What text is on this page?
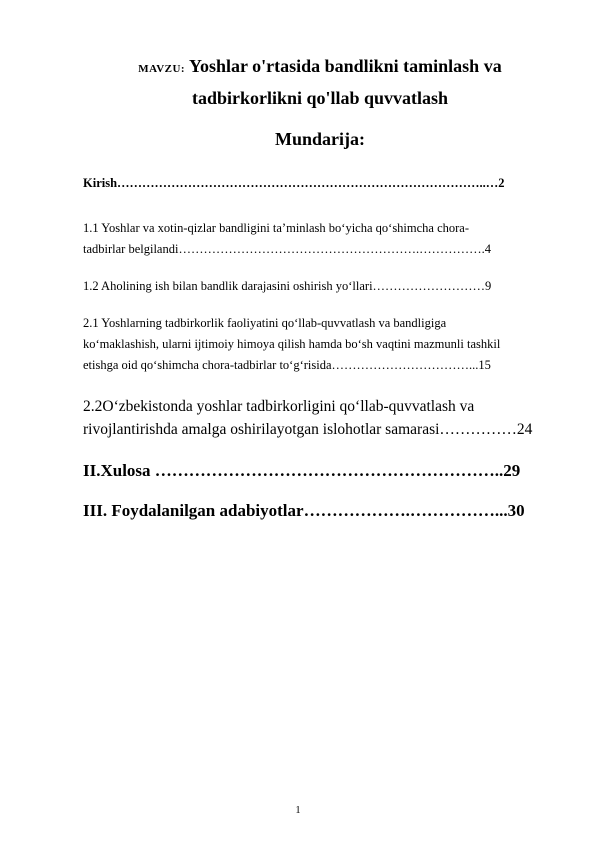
MAVZU: Yoshlar o'rtasida bandlikni taminlash va
tadbirkorlikni qo'llab quvvatlash
Mundarija:
Kirish……………………………………………………………………………..…2
1.1 Yoshlar va xotin-qizlar bandligini ta’minlash bo‘yicha qo‘shimcha chora-
tadbirlar belgilandi………………………………………………….…………….4
1.2 Aholining ish bilan bandlik darajasini oshirish yo‘llari………………………9
2.1 Yoshlarning tadbirkorlik faoliyatini qo‘llab-quvvatlash va bandligiga
ko‘maklashish, ularni ijtimoiy himoya qilish hamda bo‘sh vaqtini mazmunli tashkil
etishga oid qo‘shimcha chora-tadbirlar to‘g‘risida……………………………...15
2.2O‘zbekistonda yoshlar tadbirkorligini qo‘llab-quvvatlash va
rivojlantirishda amalga oshirilayotgan islohotlar samarasi……………24
II.Xulosa ……………………………………………………..29
III. Foydalanilgan adabiyotlar……………….……………...30
1
